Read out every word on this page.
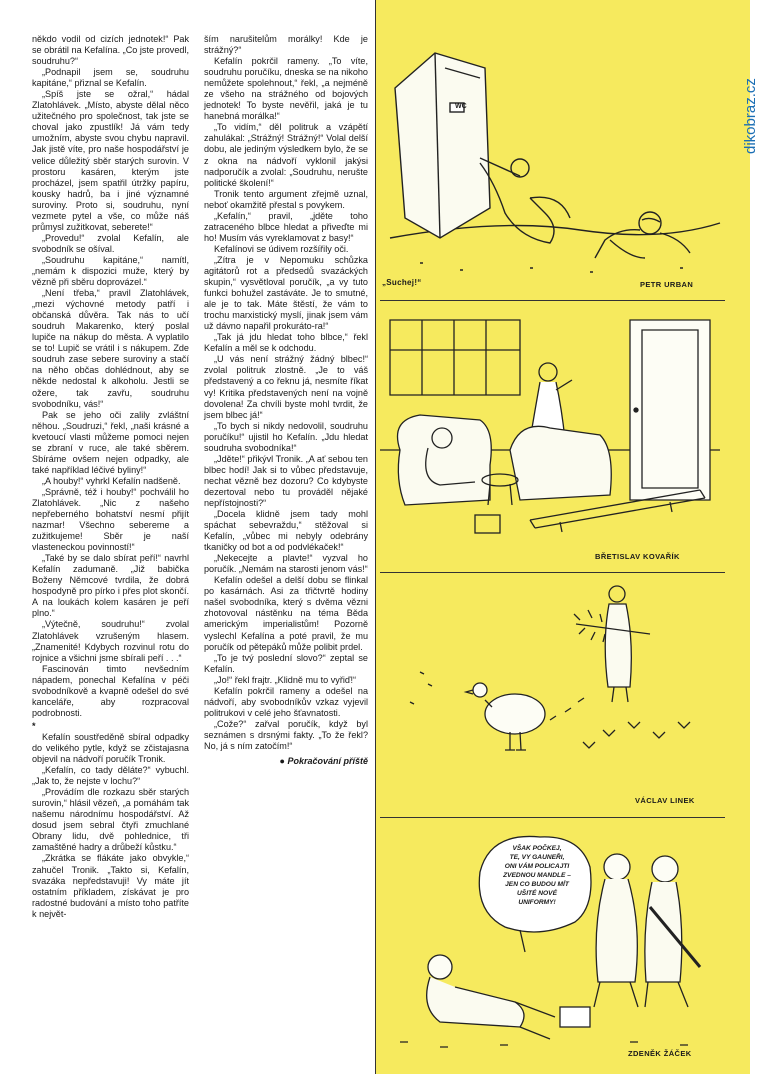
někdo vodil od cizích jednotek!“ Pak se obrátil na Kefalína. „Co jste provedl, soudruhu?“

„Podnapil jsem se, soudruhu kapitáne,“ přiznal se Kefalín.

„Spíš jste se ožral,“ hádal Zlatohlávek. „Místo, abyste dělal něco užitečného pro společnost, tak jste se choval jako zpustlík! Já vám tedy umožním, abyste svou chybu napravil. Jak jistě víte, pro naše hospodářství je velice důležitý sběr starých surovin. V prostoru kasáren, kterým jste procházel, jsem spatřil útržky papíru, kousky hadrů, ba i jiné významné suroviny. Proto si, soudruhu, nyní vezmete pytel a vše, co může náš průmysl zužitkovat, seberete!“

„Provedu!“ zvolal Kefalín, ale svobodník se ošíval.

„Soudruhu kapitáne,“ namítl, „nemám k dispozici muže, který by vězně při sběru doprovázel.“

„Není třeba,“ pravil Zlatohlávek, „mezi výchovné metody patří i občanská důvěra. Tak nás to učí soudruh Makarenko, který poslal lupiče na nákup do města. A vyplatilo se to! Lupič se vrátil i s nákupem. Zde soudruh zase sebere suroviny a stačí na něho občas dohlédnout, aby se někde nedostal k alkoholu. Jestli se ožere, tak zavřu, soudruhu svobodníku, vás!“

Pak se jeho oči zalily zvláštní něhou. „Soudruzi,“ řekl, „naši krásné a kvetoucí vlasti můžeme pomoci nejen se zbraní v ruce, ale také sběrem. Sbíráme ovšem nejen odpadky, ale také například léčivé byliny!“

„A houby!“ vyhrkl Kefalín nadšeně.

„Správně, též i houby!“ pochválil ho Zlatohlávek. „Nic z našeho nepřeberného bohatství nesmí přijít nazmar! Všechno sebereme a zužitkujeme! Sběr je naší vlasteneckou povinností!“

„Také by se dalo sbírat peří!“ navrhl Kefalín zadumaně. „Již babička Boženy Němcové tvrdila, že dobrá hospodyně pro pírko i přes plot skončí. A na loukách kolem kasáren je peří plno.“

„Výtečně, soudruhu!“ zvolal Zlatohlávek vzrušeným hlasem. „Znamenité! Kdybych rozvinul rotu do rojnice a všichni jsme sbírali peří . . .“

Fascinován timto nevšedním nápadem, ponechal Kefalína v péči svobodníkově a kvapně odešel do své kanceláře, aby rozpracoval podrobnosti.

*

Kefalín soustředěně sbíral odpadky do velikého pytle, když se zčistajasna objevil na nádvoří poručík Tronik.

„Kefalín, co tady děláte?“ vybuchl. „Jak to, že nejste v lochu?“

„Provádím dle rozkazu sběr starých surovin,“ hlásil vězeň, „a pomáhám tak našemu národnímu hospodářství. Až dosud jsem sebral čtyři zmuchlané Obrany lidu, dvě pohlednice, tři zamaštěné hadry a drůbeží kůstku.“

„Zkrátka se flákáte jako obvykle,“ zahučel Tronik. „Takto si, Kefalín, svazáka nepředstavuji! Vy máte jít ostatním příkladem, získávat je pro radostné budování a místo toho patříte k největ-

ším narušitelům morálky! Kde je strážný?“

Kefalín pokrčil rameny. „To víte, soudruhu poručíku, dneska se na nikoho nemůžete spolehnout,“ řekl, „a nejméně ze všeho na strážného od bojových jednotek! To byste nevěřil, jaká je tu hanebná morálka!“

„To vidím,“ děl politruk a vzápětí zahulákal: „Strážný! Strážný!“ Volal delší dobu, ale jediným výsledkem bylo, že se z okna na nádvoří vyklonil jakýsi nadporučík a zvolal: „Soudruhu, nerušte politické školení!“

Tronik tento argument zřejmě uznal, neboť okamžitě přestal s povykem.

„Kefalín,“ pravil, „jděte toho zatraceného blbce hledat a přiveďte mi ho! Musím vás vyreklamovat z basy!“

Kefalínovi se údivem rozšířily oči.

„Zítra je v Nepomuku schůzka agitátorů rot a předsedů svazáckých skupin,“ vysvětloval poručík, „a vy tuto funkci bohužel zastáváte. Je to smutné, ale je to tak. Máte štěstí, že vám to trochu marxistický myslí, jinak jsem vám už dávno napařil prokuráto-ra!“

„Tak já jdu hledat toho blbce,“ řekl Kefalín a měl se k odchodu.

„U vás není strážný žádný blbec!“ zvolal politruk zlostně. „Je to váš představený a co řeknu já, nesmíte říkat vy! Kritika představených není na vojně dovolena! Za chvíli byste mohl tvrdit, že jsem blbec já!“

„To bych si nikdy nedovolil, soudruhu poručíku!“ ujistil ho Kefalín. „Jdu hledat soudruha svobodníka!“

„Jděte!“ přikývl Tronik. „A ať sebou ten blbec hodí! Jak si to vůbec představuje, nechat vězně bez dozoru? Co kdybyste dezertoval nebo tu prováděl nějaké nepřístojnosti?“

„Docela klidně jsem tady mohl spáchat sebevraždu,“ stěžoval si Kefalín, „vůbec mi nebyly odebrány tkaničky od bot a od podvlékaček!“

„Nekecejte a plavte!“ vyzval ho poručík. „Nemám na starosti jenom vás!“

Kefalín odešel a delší dobu se flinkal po kasárnách. Asi za třičtvrtě hodiny našel svobodníka, který s dvěma vězni zhotovoval nástěnku na téma Běda americkým imperialistům! Pozorně vyslechl Kefalína a poté pravil, že mu poručík od pětepáků může polibit prdel.

„To je tvý poslední slovo?“ zeptal se Kefalín.

„Jo!“ řekl frajtr. „Klidně mu to vyřiď!“

Kefalín pokrčil rameny a odešel na nádvoří, aby svobodníkův vzkaz vyjevil politrukovi v celé jeho šťavnatosti.

„Cože?“ zařval poručík, když byl seznámen s drsnými fakty. „To že řekl? No, já s ním zatočím!“

● Pokračování příště

dikobraz.cz
WC
„Suchej!“	PETR URBAN
BŘETISLAV KOVAŘÍK
VÁCLAV LINEK
VŠAK POČKEJ,
TE, VY GAUNEŘI,
ONI VÁM POLICAJTI
ZVEDNOU MANDLE –
JEN CO BUDOU MÍT
UŠITÉ NOVÉ
UNIFORMY!
ZDENĚK ŽÁČEK
